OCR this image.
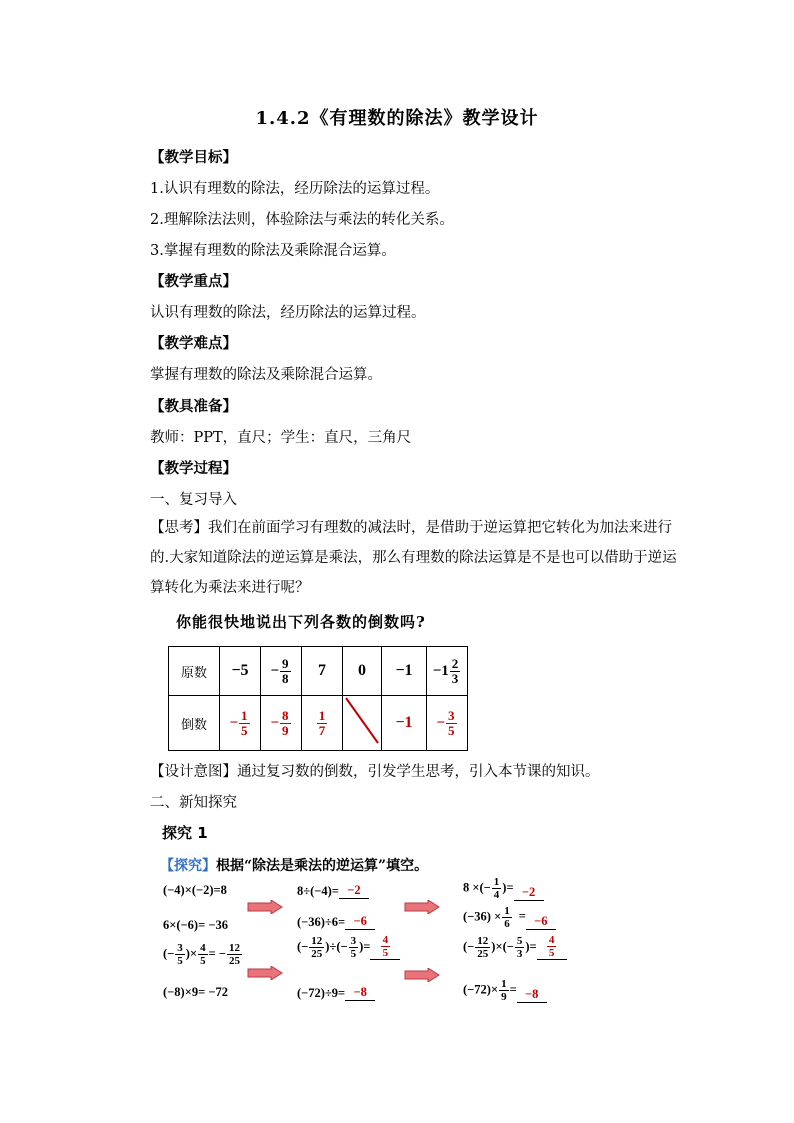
1.4.2《有理数的除法》教学设计
【教学目标】
1.认识有理数的除法，经历除法的运算过程。
2.理解除法法则，体验除法与乘法的转化关系。
3.掌握有理数的除法及乘除混合运算。
【教学重点】
认识有理数的除法，经历除法的运算过程。
【教学难点】
掌握有理数的除法及乘除混合运算。
【教具准备】
教师：PPT，直尺；学生：直尺，三角尺
【教学过程】
一、复习导入
【思考】我们在前面学习有理数的减法时，是借助于逆运算把它转化为加法来进行的.大家知道除法的逆运算是乘法，那么有理数的除法运算是不是也可以借助于逆运算转化为乘法来进行呢？
你能很快地说出下列各数的倒数吗?
原数	−5	− $\frac{9}{8}$	7	0	−1	$-1 \frac{2}{3}$

倒数	− $\frac{1}{5}$	− $\frac{8}{9}$	$\frac{1}{7}$		−1	− $\frac{3}{5}$
【设计意图】通过复习数的倒数，引发学生思考，引入本节课的知识。
二、新知探究
探究 1
【探究】根据“除法是乘法的逆运算”填空。
(−4)×(−2)=8
6×(−6)= −36
(− $\frac{3}{5}$ )× $\frac{4}{5}$ = − $\frac{12}{25}$
(−8)×9= −72
8÷(−4)= −2
(−36)÷6= −6
(− $\frac{12}{25}$ )÷(− $\frac{3}{5}$ )= $\frac{4}{5}$
(−72)÷9= −8
8 ×(− $\frac{1}{4}$ )= −2
$(-36) \times \frac{1}{6} = -6$
(− $\frac{12}{25}$ )×(− $\frac{5}{3}$ )= $\frac{4}{5}$
$(-72)\times \frac{1}{9} = -8$
